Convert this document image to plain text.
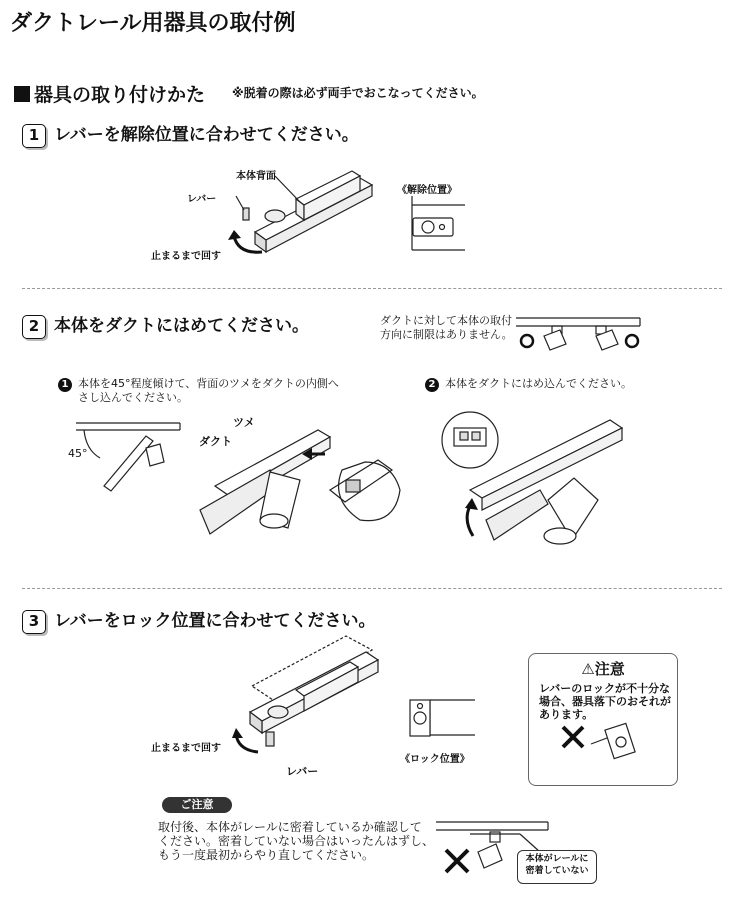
ダクトレール用器具の取付例
器具の取り付けかた ※脱着の際は必ず両手でおこなってください。
1 レバーを解除位置に合わせてください。
本体背面
レバー
止まるまで回す
《解除位置》
2 本体をダクトにはめてください。	ダクトに対して本体の取付
方向に制限はありません。
1 本体を45°程度傾けて、背面のツメをダクトの内側へ
さし込んでください。
2 本体をダクトにはめ込んでください。
45°
ツメ
ダクト
3 レバーをロック位置に合わせてください。
止まるまで回す
レバー
《ロック位置》
⚠注意
レバーのロックが不十分な
場合、器具落下のおそれが
あります。
ご注意
取付後、本体がレールに密着しているか確認して
ください。密着していない場合はいったんはずし、
もう一度最初からやり直してください。	本体がレールに
密着していない
